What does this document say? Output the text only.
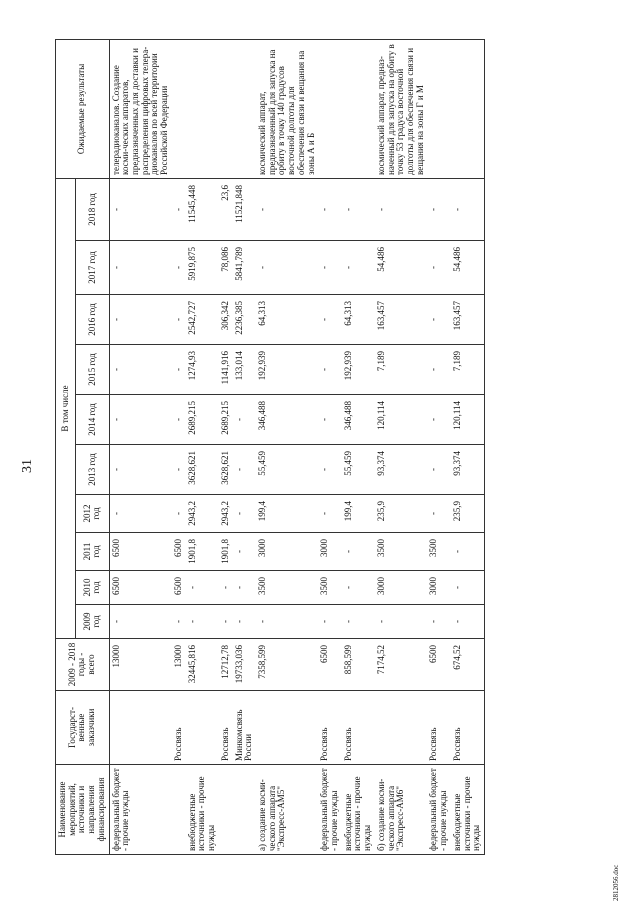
31
Наименование мероприятий, источники и направления финансирования	Государст-венные заказчики	2009 - 2018 годы - всего	В том числе										Ожидаемые результаты
			2009 год	2010 год	2011 год	2012 год	2013 год	2014 год	2015 год	2016 год	2017 год	2018 год	
федеральный бюджет - прочие нужды		13000	-	6500	6500	-	-	-	-	-	-	-	телерадиоканалов. Создание косми-ческих аппаратов, предназначенных для доставки и распределения цифровых телера-диоканалов по всей территории Российской Федерации
	Россвязь	13000	-	6500	6500	-	-	-	-	-	-	-	
внебюджетные источники - прочие нужды		32445,816	-	-	1901,8	2943,2	3628,621	2689,215	1274,93	2542,727	5919,875	11545,448	
	Россвязь	12712,78	-	-	1901,8	2943,2	3628,621	2689,215	1141,916	306,342	78,086	23,6	
	Минкомсвязь России	19733,036	-	-	-	-	-	-	133,014	2236,385	5841,789	11521,848	
а) создание косми-ческого аппарата "Экспресс-АМ5"		7358,599	-	3500	3000	199,4	55,459	346,488	192,939	64,313	-	-	космический аппарат, предназначенный для запуска на орбиту в точку 140 градусов восточной долготы для обеспечения связи и вещания на зоны А и Б
федеральный бюджет - прочие нужды	Россвязь	6500	-	3500	3000	-	-	-	-	-	-	-	
внебюджетные источники - прочие нужды	Россвязь	858,599	-	-	-	199,4	55,459	346,488	192,939	64,313	-	-	
б) создание косми-ческого аппарата "Экспресс-АМ6"		7174,52	-	3000	3500	235,9	93,374	120,114	7,189	163,457	54,486	-	космический аппарат, предназ-наченный для запуска на орбиту в точку 53 градуса восточной долготы для обеспечения связи и вещания на зоны Г и М
федеральный бюджет - прочие нужды	Россвязь	6500	-	3000	3500	-	-	-	-	-	-	-	
внебюджетные источники - прочие нужды	Россвязь	674,52	-	-	-	235,9	93,374	120,114	7,189	163,457	54,486	-	
2812056.doc
